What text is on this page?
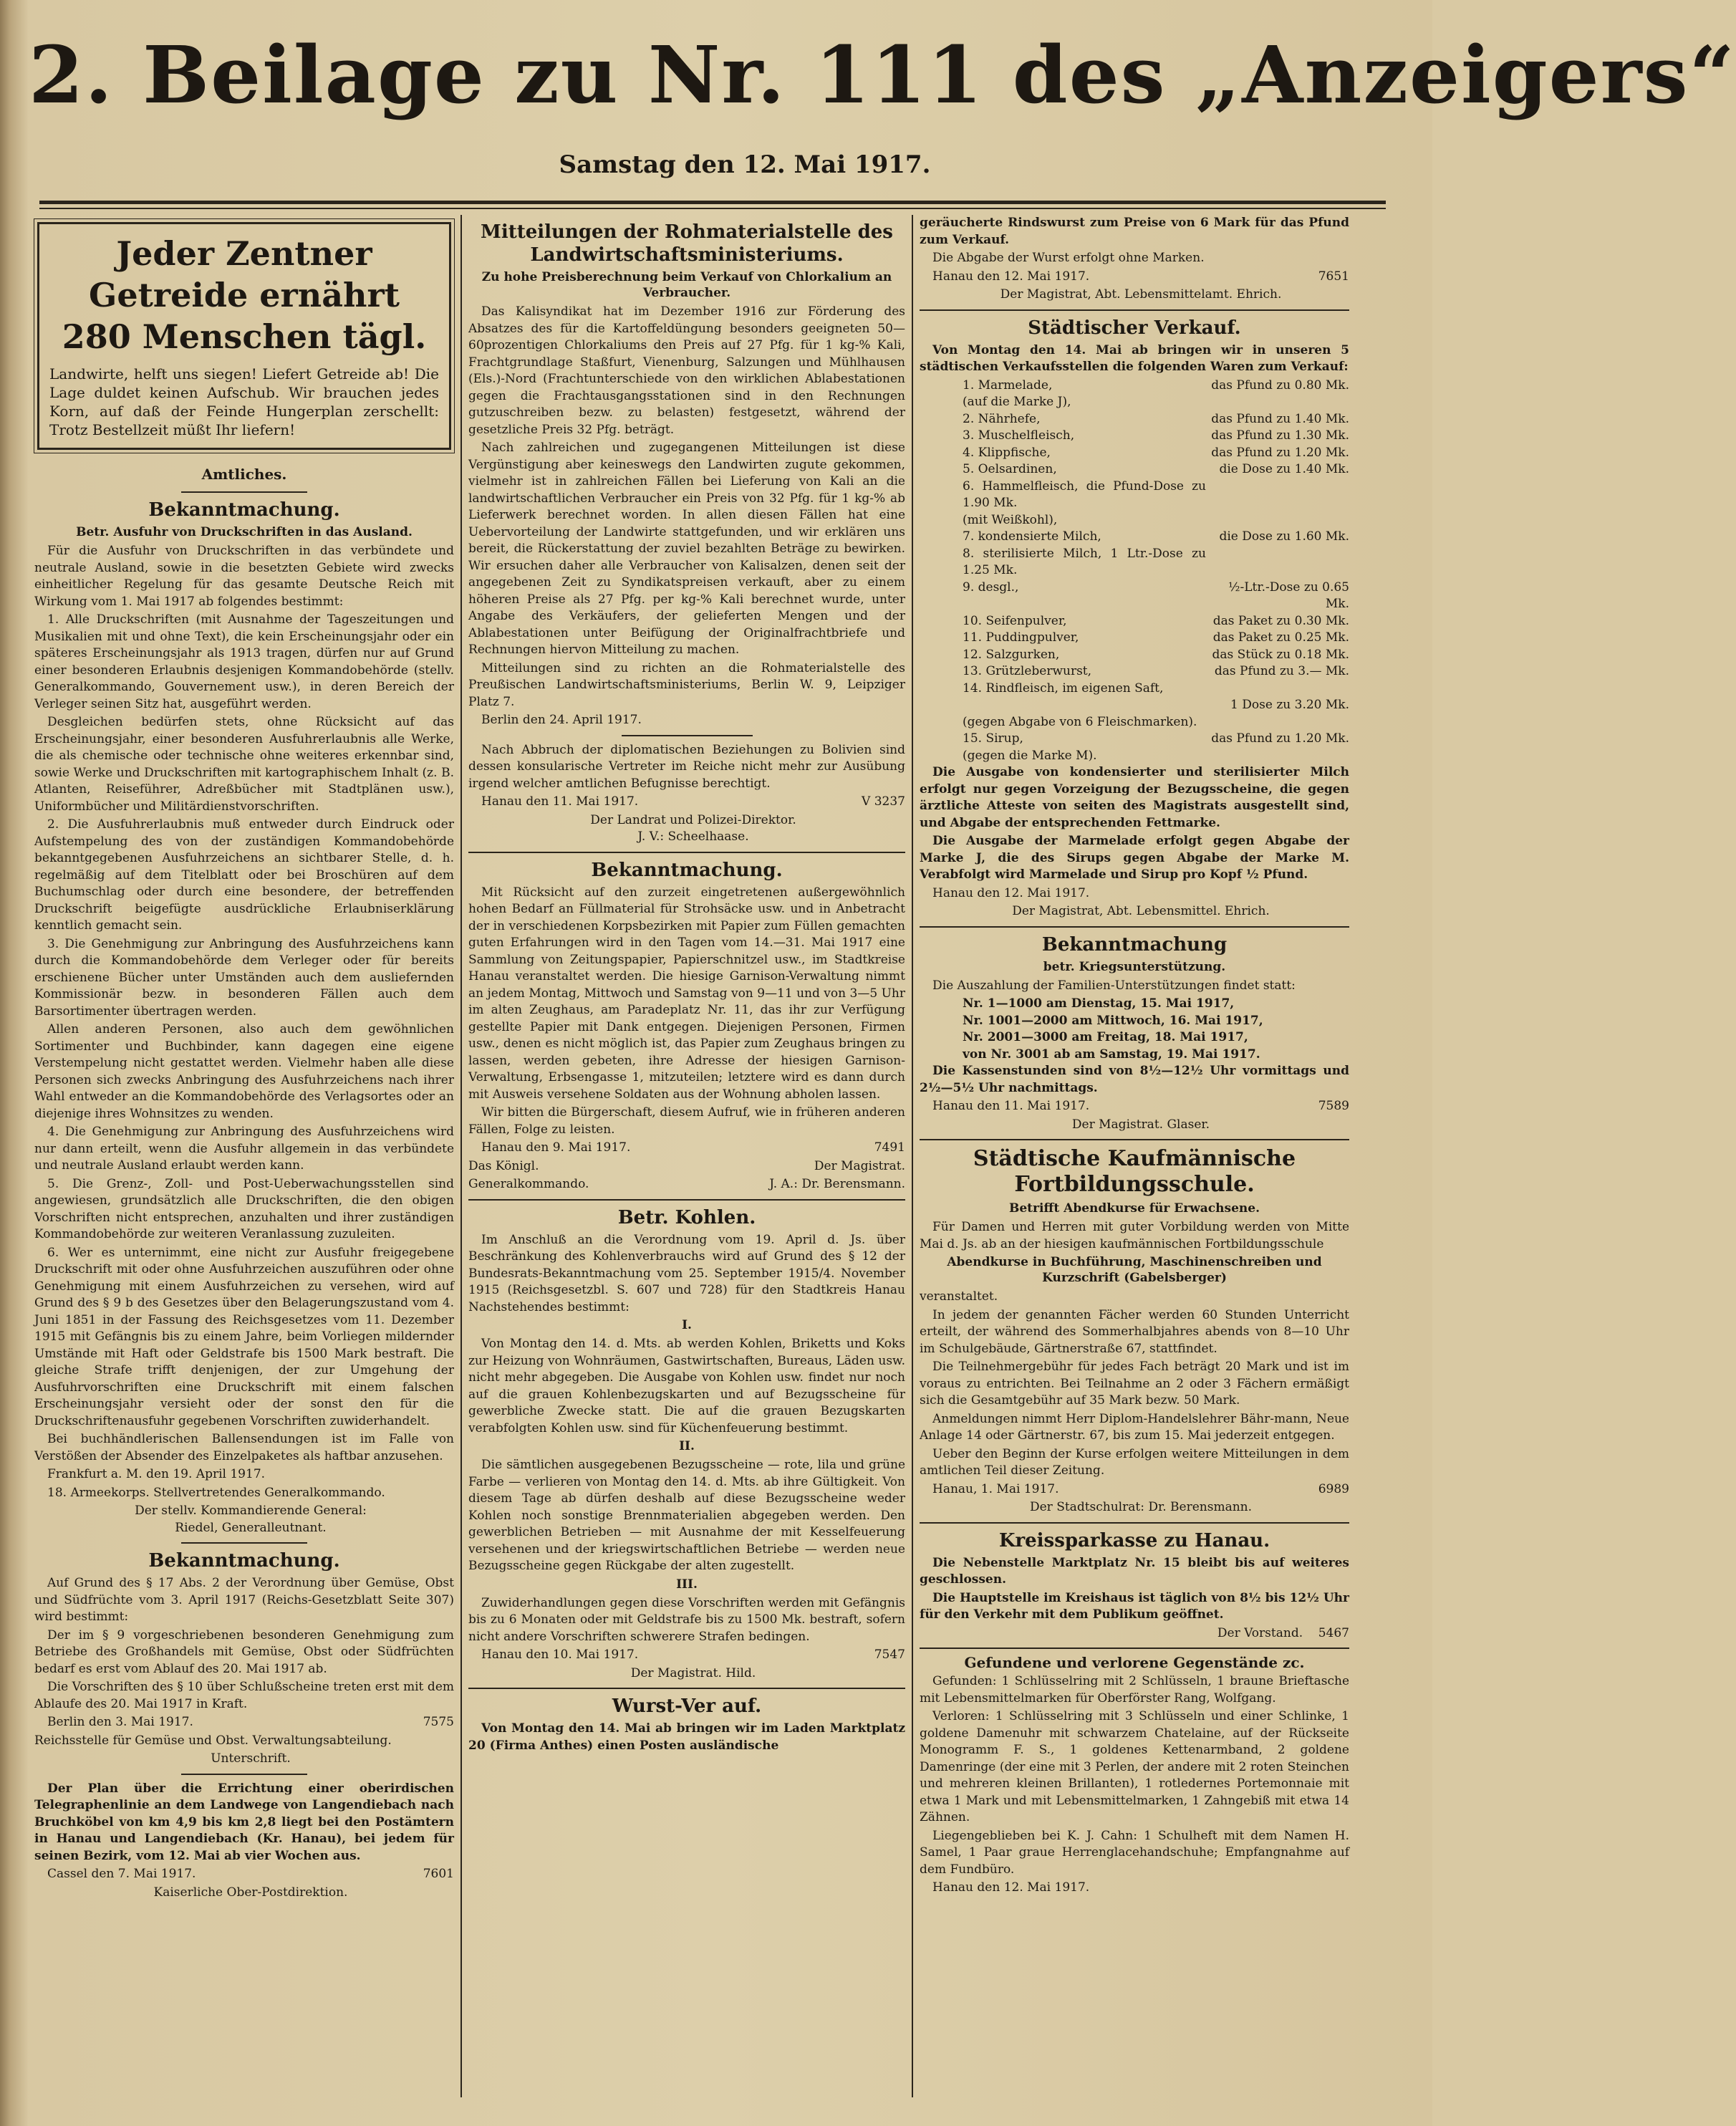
2. Beilage zu Nr. 111 des „Anzeigers“
Samstag den 12. Mai 1917.
Jeder Zentner Getreide ernährt 280 Menschen tägl.
Landwirte, helft uns siegen! Liefert Getreide ab! Die Lage duldet keinen Aufschub. Wir brauchen jedes Korn, auf daß der Feinde Hungerplan zerschellt: Trotz Bestellzeit müßt Ihr liefern!
Amtliches.
Bekanntmachung.
Betr. Ausfuhr von Druckschriften in das Ausland.

Für die Ausfuhr von Druckschriften in das verbündete und neutrale Ausland, sowie in die besetzten Gebiete wird zwecks einheitlicher Regelung für das gesamte Deutsche Reich mit Wirkung vom 1. Mai 1917 ab folgendes bestimmt:

1. Alle Druckschriften (mit Ausnahme der Tageszeitungen und Musikalien mit und ohne Text), die kein Erscheinungsjahr oder ein späteres Erscheinungsjahr als 1913 tragen, dürfen nur auf Grund einer besonderen Erlaubnis desjenigen Kommandobehörde (stellv. Generalkommando, Gouvernement usw.), in deren Bereich der Verleger seinen Sitz hat, ausgeführt werden.

Desgleichen bedürfen stets, ohne Rücksicht auf das Erscheinungsjahr, einer besonderen Ausfuhrerlaubnis alle Werke, die als chemische oder technische ohne weiteres erkennbar sind, sowie Werke und Druckschriften mit kartographischem Inhalt (z. B. Atlanten, Reiseführer, Adreßbücher mit Stadtplänen usw.), Uniformbücher und Militärdienstvorschriften.

2. Die Ausfuhrerlaubnis muß entweder durch Eindruck oder Aufstempelung des von der zuständigen Kommandobehörde bekanntgegebenen Ausfuhrzeichens an sichtbarer Stelle, d. h. regelmäßig auf dem Titelblatt oder bei Broschüren auf dem Buchumschlag oder durch eine besondere, der betreffenden Druckschrift beigefügte ausdrückliche Erlaubniserklärung kenntlich gemacht sein.

3. Die Genehmigung zur Anbringung des Ausfuhrzeichens kann durch die Kommandobehörde dem Verleger oder für bereits erschienene Bücher unter Umständen auch dem ausliefernden Kommissionär bezw. in besonderen Fällen auch dem Barsortimenter übertragen werden.

Allen anderen Personen, also auch dem gewöhnlichen Sortimenter und Buchbinder, kann dagegen eine eigene Verstempelung nicht gestattet werden. Vielmehr haben alle diese Personen sich zwecks Anbringung des Ausfuhrzeichens nach ihrer Wahl entweder an die Kommandobehörde des Verlagsortes oder an diejenige ihres Wohnsitzes zu wenden.

4. Die Genehmigung zur Anbringung des Ausfuhrzeichens wird nur dann erteilt, wenn die Ausfuhr allgemein in das verbündete und neutrale Ausland erlaubt werden kann.

5. Die Grenz-, Zoll- und Post-Ueberwachungsstellen sind angewiesen, grundsätzlich alle Druckschriften, die den obigen Vorschriften nicht entsprechen, anzuhalten und ihrer zuständigen Kommandobehörde zur weiteren Veranlassung zuzuleiten.

6. Wer es unternimmt, eine nicht zur Ausfuhr freigegebene Druckschrift mit oder ohne Ausfuhrzeichen auszuführen oder ohne Genehmigung mit einem Ausfuhrzeichen zu versehen, wird auf Grund des § 9 b des Gesetzes über den Belagerungszustand vom 4. Juni 1851 in der Fassung des Reichsgesetzes vom 11. Dezember 1915 mit Gefängnis bis zu einem Jahre, beim Vorliegen mildernder Umstände mit Haft oder Geldstrafe bis 1500 Mark bestraft. Die gleiche Strafe trifft denjenigen, der zur Umgehung der Ausfuhrvorschriften eine Druckschrift mit einem falschen Erscheinungsjahr versieht oder der sonst den für die Druckschriftenausfuhr gegebenen Vorschriften zuwiderhandelt.

Bei buchhändlerischen Ballensendungen ist im Falle von Verstößen der Absender des Einzelpaketes als haftbar anzusehen.

Frankfurt a. M. den 19. April 1917.

18. Armeekorps. Stellvertretendes Generalkommando.

Der stellv. Kommandierende General:

Riedel, Generalleutnant.

Bekanntmachung.

Auf Grund des § 17 Abs. 2 der Verordnung über Gemüse, Obst und Südfrüchte vom 3. April 1917 (Reichs-Gesetzblatt Seite 307) wird bestimmt:

Der im § 9 vorgeschriebenen besonderen Genehmigung zum Betriebe des Großhandels mit Gemüse, Obst oder Südfrüchten bedarf es erst vom Ablauf des 20. Mai 1917 ab.

Die Vorschriften des § 10 über Schlußscheine treten erst mit dem Ablaufe des 20. Mai 1917 in Kraft.

Berlin den 3. Mai 1917.	7575

Reichsstelle für Gemüse und Obst. Verwaltungsabteilung.

Unterschrift.

Der Plan über die Errichtung einer oberirdischen Telegraphenlinie an dem Landwege von Langendiebach nach Bruchköbel von km 4,9 bis km 2,8 liegt bei den Postämtern in Hanau und Langendiebach (Kr. Hanau), bei jedem für seinen Bezirk, vom 12. Mai ab vier Wochen aus.

Cassel den 7. Mai 1917.	7601

Kaiserliche Ober-Postdirektion.

Mitteilungen der Rohmaterialstelle des Landwirtschaftsministeriums.
Zu hohe Preisberechnung beim Verkauf von Chlorkalium an Verbraucher.

Das Kalisyndikat hat im Dezember 1916 zur Förderung des Absatzes des für die Kartoffeldüngung besonders geeigneten 50—60prozentigen Chlorkaliums den Preis auf 27 Pfg. für 1 kg-% Kali, Frachtgrundlage Staßfurt, Vienenburg, Salzungen und Mühlhausen (Els.)-Nord (Frachtunterschiede von den wirklichen Ablabestationen gegen die Frachtausgangsstationen sind in den Rechnungen gutzuschreiben bezw. zu belasten) festgesetzt, während der gesetzliche Preis 32 Pfg. beträgt.

Nach zahlreichen und zugegangenen Mitteilungen ist diese Vergünstigung aber keineswegs den Landwirten zugute gekommen, vielmehr ist in zahlreichen Fällen bei Lieferung von Kali an die landwirtschaftlichen Verbraucher ein Preis von 32 Pfg. für 1 kg-% ab Lieferwerk berechnet worden. In allen diesen Fällen hat eine Uebervorteilung der Landwirte stattgefunden, und wir erklären uns bereit, die Rückerstattung der zuviel bezahlten Beträge zu bewirken. Wir ersuchen daher alle Verbraucher von Kalisalzen, denen seit der angegebenen Zeit zu Syndikatspreisen verkauft, aber zu einem höheren Preise als 27 Pfg. per kg-% Kali berechnet wurde, unter Angabe des Verkäufers, der gelieferten Mengen und der Ablabestationen unter Beifügung der Originalfrachtbriefe und Rechnungen hiervon Mitteilung zu machen.

Mitteilungen sind zu richten an die Rohmaterialstelle des Preußischen Landwirtschaftsministeriums, Berlin W. 9, Leipziger Platz 7.

Berlin den 24. April 1917.

Nach Abbruch der diplomatischen Beziehungen zu Bolivien sind dessen konsularische Vertreter im Reiche nicht mehr zur Ausübung irgend welcher amtlichen Befugnisse berechtigt.

Hanau den 11. Mai 1917.	V 3237

Der Landrat und Polizei-Direktor.

J. V.: Scheelhaase.

Bekanntmachung.

Mit Rücksicht auf den zurzeit eingetretenen außergewöhnlich hohen Bedarf an Füllmaterial für Strohsäcke usw. und in Anbetracht der in verschiedenen Korpsbezirken mit Papier zum Füllen gemachten guten Erfahrungen wird in den Tagen vom 14.—31. Mai 1917 eine Sammlung von Zeitungspapier, Papierschnitzel usw., im Stadtkreise Hanau veranstaltet werden. Die hiesige Garnison-Verwaltung nimmt an jedem Montag, Mittwoch und Samstag von 9—11 und von 3—5 Uhr im alten Zeughaus, am Paradeplatz Nr. 11, das ihr zur Verfügung gestellte Papier mit Dank entgegen. Diejenigen Personen, Firmen usw., denen es nicht möglich ist, das Papier zum Zeughaus bringen zu lassen, werden gebeten, ihre Adresse der hiesigen Garnison-Verwaltung, Erbsengasse 1, mitzuteilen; letztere wird es dann durch mit Ausweis versehene Soldaten aus der Wohnung abholen lassen.

Wir bitten die Bürgerschaft, diesem Aufruf, wie in früheren anderen Fällen, Folge zu leisten.

Hanau den 9. Mai 1917.	7491

Das Königl.	Der Magistrat.

Generalkommando.	J. A.: Dr. Berensmann.

Betr. Kohlen.

Im Anschluß an die Verordnung vom 19. April d. Js. über Beschränkung des Kohlenverbrauchs wird auf Grund des § 12 der Bundesrats-Bekanntmachung vom 25. September 1915/4. November 1915 (Reichsgesetzbl. S. 607 und 728) für den Stadtkreis Hanau Nachstehendes bestimmt:

I.

Von Montag den 14. d. Mts. ab werden Kohlen, Briketts und Koks zur Heizung von Wohnräumen, Gastwirtschaften, Bureaus, Läden usw. nicht mehr abgegeben. Die Ausgabe von Kohlen usw. findet nur noch auf die grauen Kohlenbezugskarten und auf Bezugsscheine für gewerbliche Zwecke statt. Die auf die grauen Bezugskarten verabfolgten Kohlen usw. sind für Küchenfeuerung bestimmt.

II.

Die sämtlichen ausgegebenen Bezugsscheine — rote, lila und grüne Farbe — verlieren von Montag den 14. d. Mts. ab ihre Gültigkeit. Von diesem Tage ab dürfen deshalb auf diese Bezugsscheine weder Kohlen noch sonstige Brennmaterialien abgegeben werden. Den gewerblichen Betrieben — mit Ausnahme der mit Kesselfeuerung versehenen und der kriegswirtschaftlichen Betriebe — werden neue Bezugsscheine gegen Rückgabe der alten zugestellt.

III.

Zuwiderhandlungen gegen diese Vorschriften werden mit Gefängnis bis zu 6 Monaten oder mit Geldstrafe bis zu 1500 Mk. bestraft, sofern nicht andere Vorschriften schwerere Strafen bedingen.

Hanau den 10. Mai 1917.	7547

Der Magistrat. Hild.

Wurst-Ver auf.

Von Montag den 14. Mai ab bringen wir im Laden Marktplatz 20 (Firma Anthes) einen Posten ausländische

geräucherte Rindswurst zum Preise von 6 Mark für das Pfund zum Verkauf.

Die Abgabe der Wurst erfolgt ohne Marken.

Hanau den 12. Mai 1917.	7651

Der Magistrat, Abt. Lebensmittelamt. Ehrich.

Städtischer Verkauf.

Von Montag den 14. Mai ab bringen wir in unseren 5 städtischen Verkaufsstellen die folgenden Waren zum Verkauf:

1. Marmelade,	das Pfund zu 0.80 Mk.
(auf die Marke J),
2. Nährhefe,	das Pfund zu 1.40 Mk.
3. Muschelfleisch,	das Pfund zu 1.30 Mk.
4. Klippfische,	das Pfund zu 1.20 Mk.
5. Oelsardinen,	die Dose zu 1.40 Mk.
6. Hammelfleisch, die Pfund-Dose zu 1.90 Mk.
(mit Weißkohl),
7. kondensierte Milch,	die Dose zu 1.60 Mk.
8. sterilisierte Milch, 1 Ltr.-Dose zu 1.25 Mk.
9. desgl.,	½-Ltr.-Dose zu 0.65 Mk.
10. Seifenpulver,	das Paket zu 0.30 Mk.
11. Puddingpulver,	das Paket zu 0.25 Mk.
12. Salzgurken,	das Stück zu 0.18 Mk.
13. Grützleberwurst,	das Pfund zu 3.— Mk.
14. Rindfleisch, im eigenen Saft,
1 Dose zu 3.20 Mk.
(gegen Abgabe von 6 Fleischmarken).
15. Sirup,	das Pfund zu 1.20 Mk.
(gegen die Marke M).

Die Ausgabe von kondensierter und sterilisierter Milch erfolgt nur gegen Vorzeigung der Bezugsscheine, die gegen ärztliche Atteste von seiten des Magistrats ausgestellt sind, und Abgabe der entsprechenden Fettmarke.

Die Ausgabe der Marmelade erfolgt gegen Abgabe der Marke J, die des Sirups gegen Abgabe der Marke M. Verabfolgt wird Marmelade und Sirup pro Kopf ½ Pfund.

Hanau den 12. Mai 1917.

Der Magistrat, Abt. Lebensmittel. Ehrich.

Bekanntmachung
betr. Kriegsunterstützung.

Die Auszahlung der Familien-Unterstützungen findet statt:

Nr. 1—1000 am Dienstag, 15. Mai 1917,
Nr. 1001—2000 am Mittwoch, 16. Mai 1917,
Nr. 2001—3000 am Freitag, 18. Mai 1917,
von Nr. 3001 ab am Samstag, 19. Mai 1917.

Die Kassenstunden sind von 8½—12½ Uhr vormittags und 2½—5½ Uhr nachmittags.

Hanau den 11. Mai 1917.	7589

Der Magistrat. Glaser.

Städtische Kaufmännische Fortbildungsschule.
Betrifft Abendkurse für Erwachsene.

Für Damen und Herren mit guter Vorbildung werden von Mitte Mai d. Js. ab an der hiesigen kaufmännischen Fortbildungsschule

Abendkurse in Buchführung, Maschinenschreiben und Kurzschrift (Gabelsberger)

veranstaltet.

In jedem der genannten Fächer werden 60 Stunden Unterricht erteilt, der während des Sommerhalbjahres abends von 8—10 Uhr im Schulgebäude, Gärtnerstraße 67, stattfindet.

Die Teilnehmergebühr für jedes Fach beträgt 20 Mark und ist im voraus zu entrichten. Bei Teilnahme an 2 oder 3 Fächern ermäßigt sich die Gesamtgebühr auf 35 Mark bezw. 50 Mark.

Anmeldungen nimmt Herr Diplom-Handelslehrer Bähr-mann, Neue Anlage 14 oder Gärtnerstr. 67, bis zum 15. Mai jederzeit entgegen.

Ueber den Beginn der Kurse erfolgen weitere Mitteilungen in dem amtlichen Teil dieser Zeitung.

Hanau, 1. Mai 1917.	6989

Der Stadtschulrat: Dr. Berensmann.

Kreissparkasse zu Hanau.

Die Nebenstelle Marktplatz Nr. 15 bleibt bis auf weiteres geschlossen.

Die Hauptstelle im Kreishaus ist täglich von 8½ bis 12½ Uhr für den Verkehr mit dem Publikum geöffnet.

Der Vorstand. 5467

Gefundene und verlorene Gegenstände zc.

Gefunden: 1 Schlüsselring mit 2 Schlüsseln, 1 braune Brieftasche mit Lebensmittelmarken für Oberförster Rang, Wolfgang.

Verloren: 1 Schlüsselring mit 3 Schlüsseln und einer Schlinke, 1 goldene Damenuhr mit schwarzem Chatelaine, auf der Rückseite Monogramm F. S., 1 goldenes Kettenarmband, 2 goldene Damenringe (der eine mit 3 Perlen, der andere mit 2 roten Steinchen und mehreren kleinen Brillanten), 1 rotledernes Portemonnaie mit etwa 1 Mark und mit Lebensmittelmarken, 1 Zahngebiß mit etwa 14 Zähnen.

Liegengeblieben bei K. J. Cahn: 1 Schulheft mit dem Namen H. Samel, 1 Paar graue Herrenglacehandschuhe; Empfangnahme auf dem Fundbüro.

Hanau den 12. Mai 1917.
